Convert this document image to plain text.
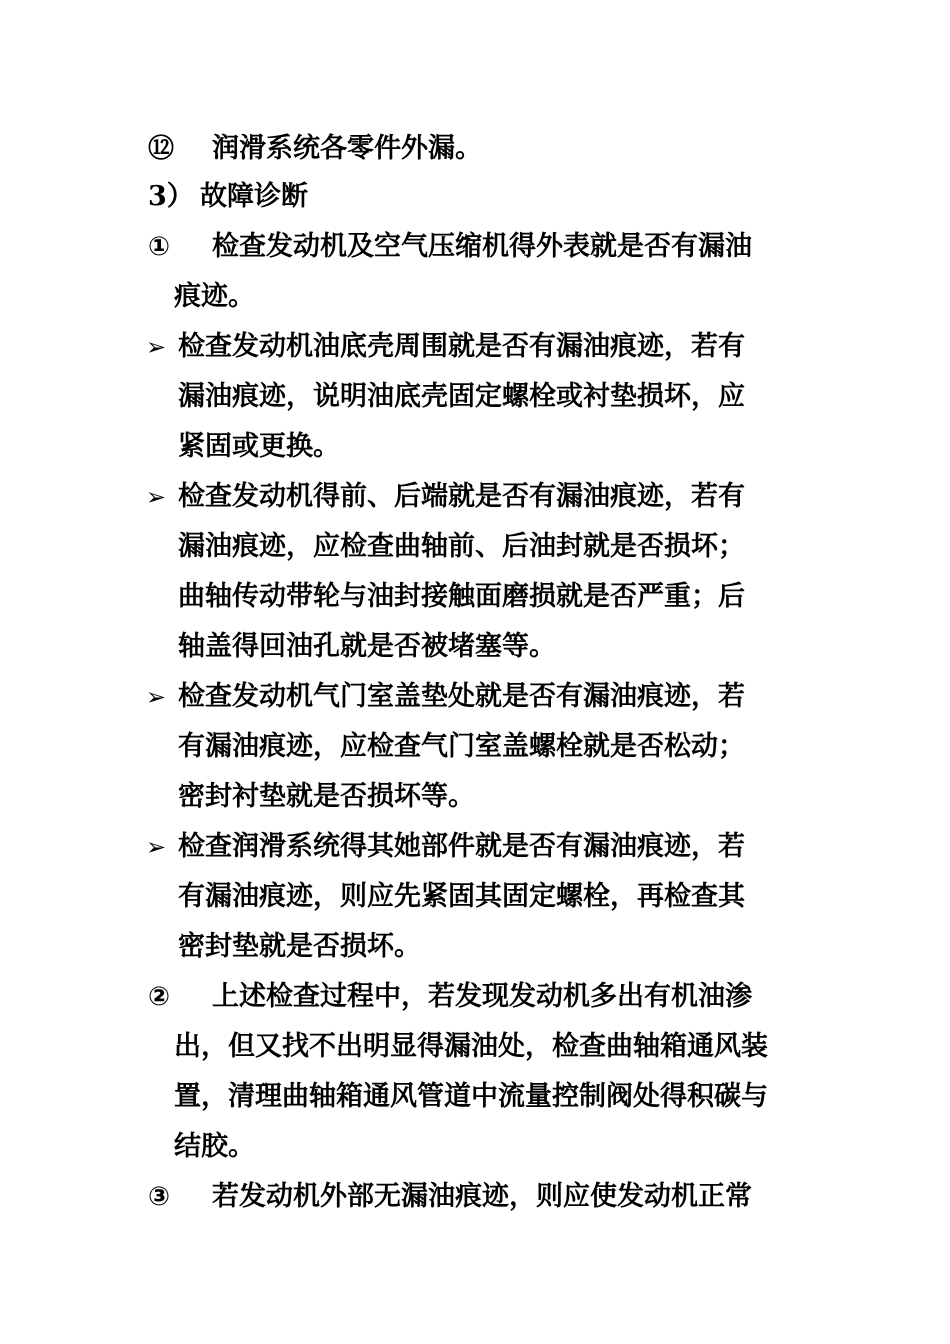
⑫ 润滑系统各零件外漏。
3） 故障诊断
① 检查发动机及空气压缩机得外表就是否有漏油
痕迹。
➢ 检查发动机油底壳周围就是否有漏油痕迹，若有
漏油痕迹，说明油底壳固定螺栓或衬垫损坏，应
紧固或更换。
➢ 检查发动机得前、后端就是否有漏油痕迹，若有
漏油痕迹，应检查曲轴前、后油封就是否损坏；
曲轴传动带轮与油封接触面磨损就是否严重；后
轴盖得回油孔就是否被堵塞等。
➢ 检查发动机气门室盖垫处就是否有漏油痕迹，若
有漏油痕迹，应检查气门室盖螺栓就是否松动；
密封衬垫就是否损坏等。
➢ 检查润滑系统得其她部件就是否有漏油痕迹，若
有漏油痕迹，则应先紧固其固定螺栓，再检查其
密封垫就是否损坏。
② 上述检查过程中，若发现发动机多出有机油渗
出，但又找不出明显得漏油处，检查曲轴箱通风装
置，清理曲轴箱通风管道中流量控制阀处得积碳与
结胶。
③ 若发动机外部无漏油痕迹，则应使发动机正常
